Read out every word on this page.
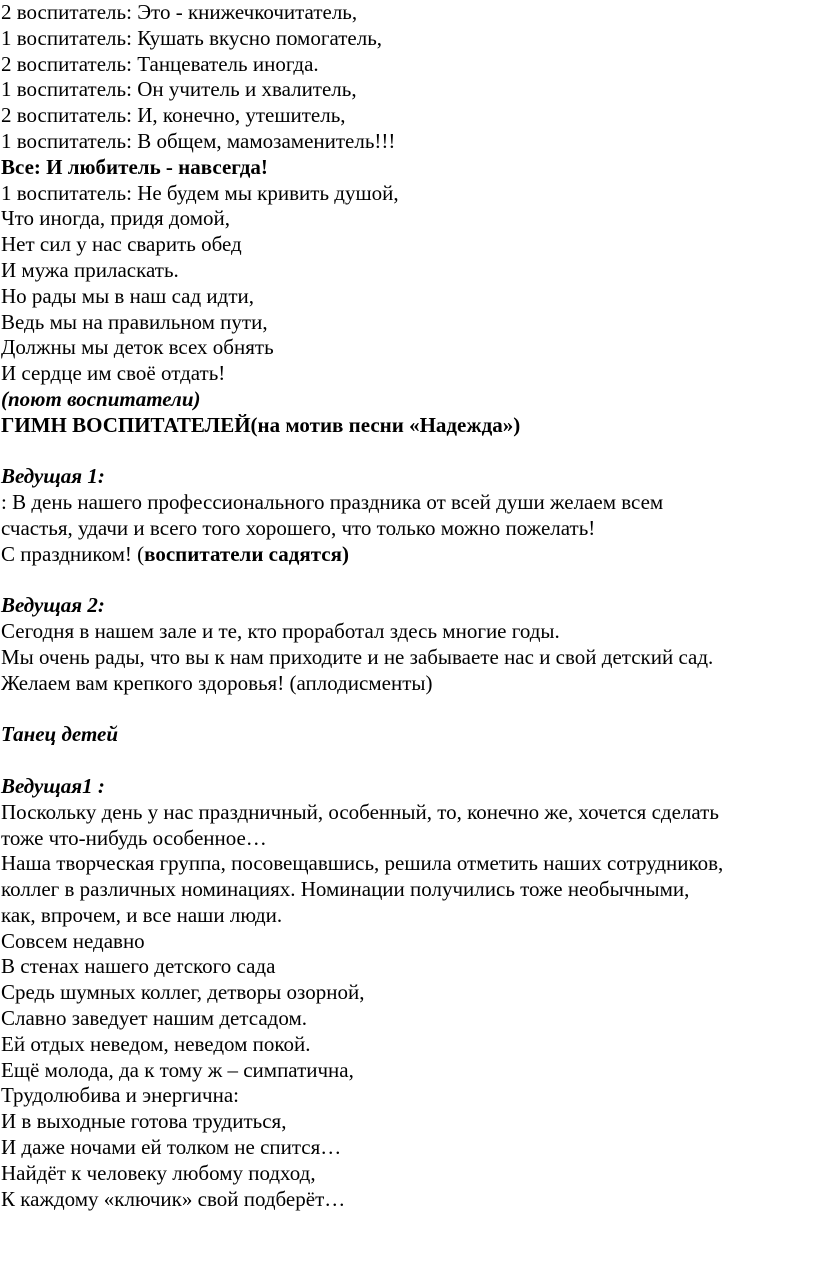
2 воспитатель: Это - книжечкочитатель,
1 воспитатель: Кушать вкусно помогатель,
2 воспитатель: Танцеватель иногда.
1 воспитатель: Он учитель и хвалитель,
2 воспитатель: И, конечно, утешитель,
1 воспитатель: В общем, мамозаменитель!!!
Все: И любитель - навсегда!
1 воспитатель: Не будем мы кривить душой,
Что иногда, придя домой,
Нет сил у нас сварить обед
И мужа приласкать.
Но рады мы в наш сад идти,
Ведь мы на правильном пути,
Должны мы деток всех обнять
И сердце им своё отдать!
(поют воспитатели)
ГИМН ВОСПИТАТЕЛЕЙ(на мотив песни «Надежда»)
Ведущая 1:
: В день нашего профессионального праздника от всей души желаем всем
счастья, удачи и всего того хорошего, что только можно пожелать!
С праздником! (воспитатели садятся)
Ведущая 2:
Сегодня в нашем зале и те, кто проработал здесь многие годы.
Мы очень рады, что вы к нам приходите и не забываете нас и свой детский сад.
Желаем вам крепкого здоровья! (аплодисменты)
Танец детей
Ведущая1 :
Поскольку день у нас праздничный, особенный, то, конечно же, хочется сделать
тоже что-нибудь особенное…
Наша творческая группа, посовещавшись, решила отметить наших сотрудников,
коллег в различных номинациях. Номинации получились тоже необычными,
как, впрочем, и все наши люди.
Совсем недавно
В стенах нашего детского сада
Средь шумных коллег, детворы озорной,
Славно заведует нашим детсадом.
Ей отдых неведом, неведом покой.
Ещё молода, да к тому ж – симпатична,
Трудолюбива и энергична:
И в выходные готова трудиться,
И даже ночами ей толком не спится…
Найдёт к человеку любому подход,
К каждому «ключик» свой подберёт…
